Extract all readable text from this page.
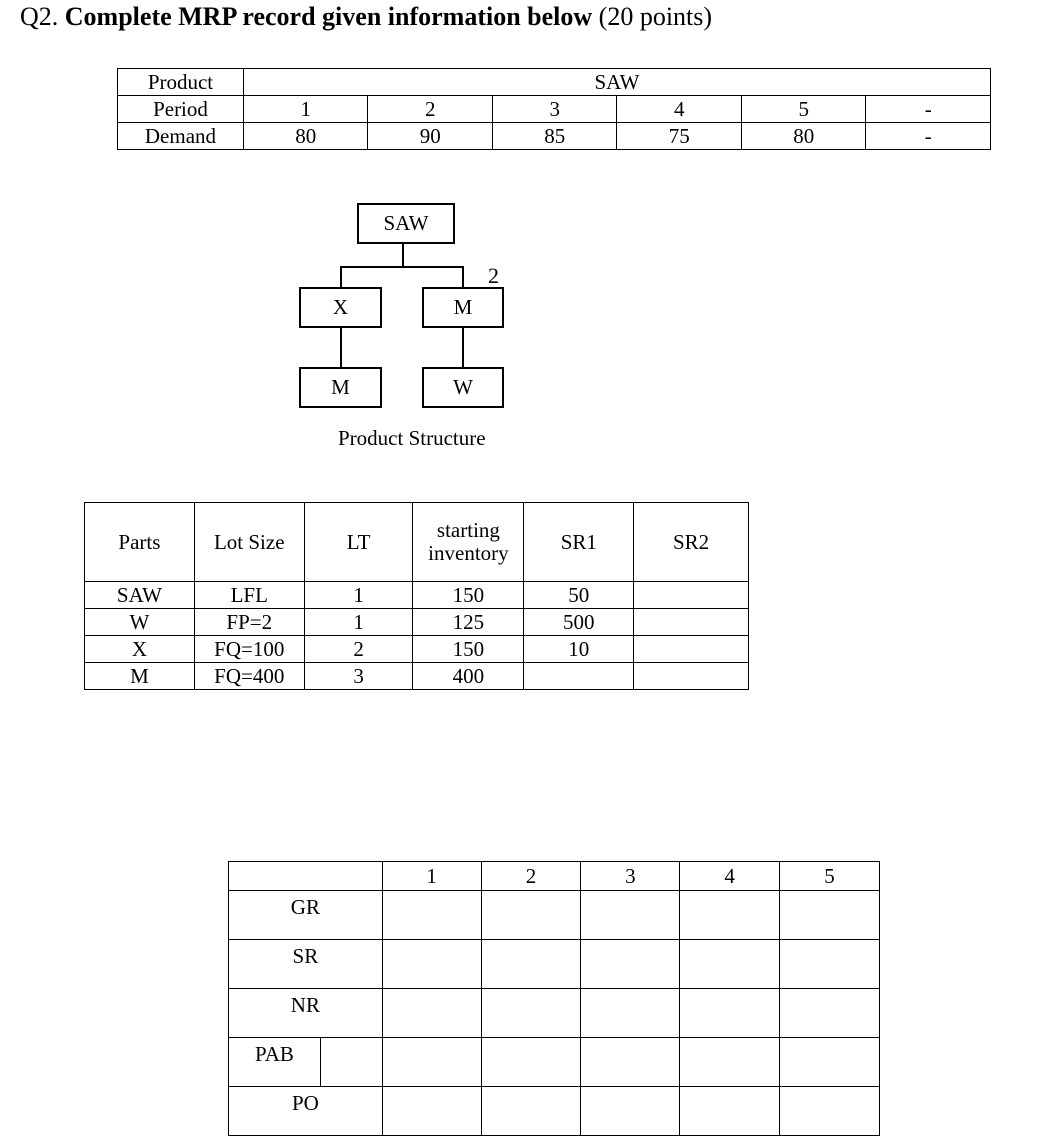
Q2. Complete MRP record given information below (20 points)
Product	SAW					
Period	1	2	3	4	5	-
Demand	80	90	85	75	80	-
SAW
2
X	M
M	W
Product Structure
Parts	Lot Size	LT	starting inventory	SR1	SR2
SAW	LFL	1	150	50	
W	FP=2	1	125	500	
X	FQ=100	2	150	10	
M	FQ=400	3	400		
		1	2	3	4	5
GR						
SR						
NR						
PAB						
PO						
